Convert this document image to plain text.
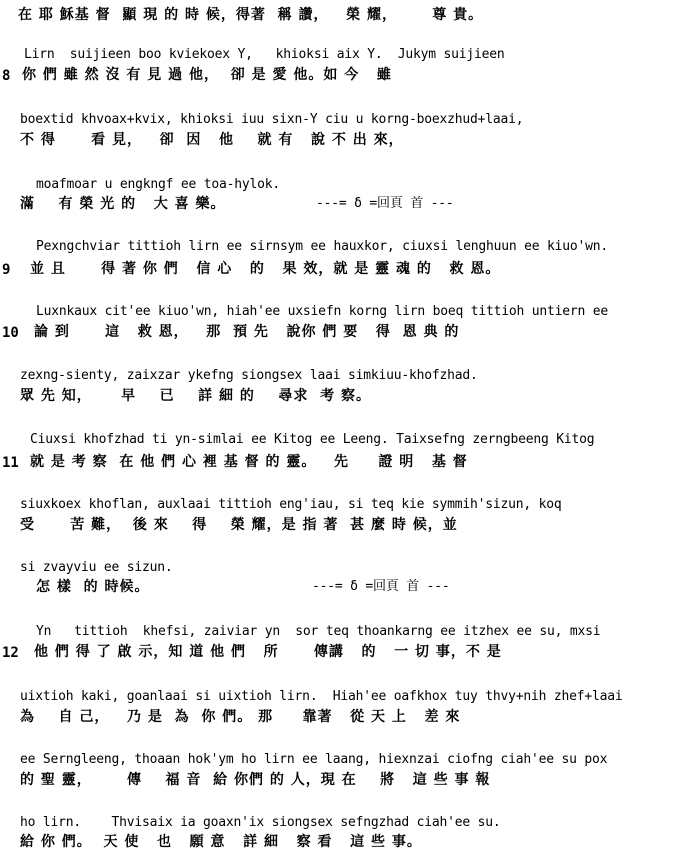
在 耶 穌基 督  顯 現 的 時 候，得著  稱 讚，   榮 耀，      尊 貴。
Lirn  suijieen boo kviekoex Y,   khioksi aix Y.  Jukym suijieen
8 你 們 雖 然 沒 有 見 過 他，  卻 是 愛 他。如 今   雖
boextid khvoax+kvix, khioksi iuu sixn-Y ciu u korng-boexzhud+laai,
不 得      看 見，   卻  因   他    就 有   說 不 出 來，
moafmoar u engkngf ee toa-hylok.
滿    有 榮 光 的   大 喜 樂。	---= δ =回頁 首 ---
Pexngchviar tittioh lirn ee sirnsym ee hauxkor, ciuxsi lenghuun ee kiuo'wn.
9 並 且      得 著 你 們   信 心   的   果 效，就 是 靈 魂 的   救 恩。
Luxnkaux cit'ee kiuo'wn, hiah'ee uxsiefn korng lirn boeq tittioh untiern ee
10 論 到      這   救 恩，   那  預 先   說你 們 要   得  恩 典 的
zexng-sienty, zaixzar ykefng siongsex laai simkiuu-khofzhad.
眾 先 知，     早    已    詳 細 的    尋求  考 察。
Ciuxsi khofzhad ti yn-simlai ee Kitog ee Leeng. Taixsefng zerngbeeng Kitog
11 就 是 考 察  在 他 們 心 裡 基 督 的 靈。   先     證 明   基 督
siuxkoex khoflan, auxlaai tittioh eng'iau, si teq kie symmih'sizun, koq
受      苦 難，  後 來    得    榮 耀，是 指 著  甚 麼 時 候，並
si zvayviu ee sizun.
怎 樣  的 時候。	---= δ =回頁 首 ---
Yn   tittioh  khefsi, zaiviar yn  sor teq thoankarng ee itzhex ee su, mxsi
12 他 們 得 了 啟 示，知 道 他 們   所      傳講   的   一 切 事，不 是
uixtioh kaki, goanlaai si uixtioh lirn.  Hiah'ee oafkhox tuy thvy+nih zhef+laai
為    自 己，   乃 是  為  你 們。 那     靠著   從 天 上   差 來
ee Serngleeng, thoaan hok'ym ho lirn ee laang, hiexnzai ciofng ciah'ee su pox
的 聖 靈，      傳    福 音  給 你們 的 人，現 在    將   這 些 事 報
ho lirn.    Thvisaix ia goaxn'ix siongsex sefngzhad ciah'ee su.
給 你 們。  天 使   也   願 意   詳 細   察 看   這 些 事。
